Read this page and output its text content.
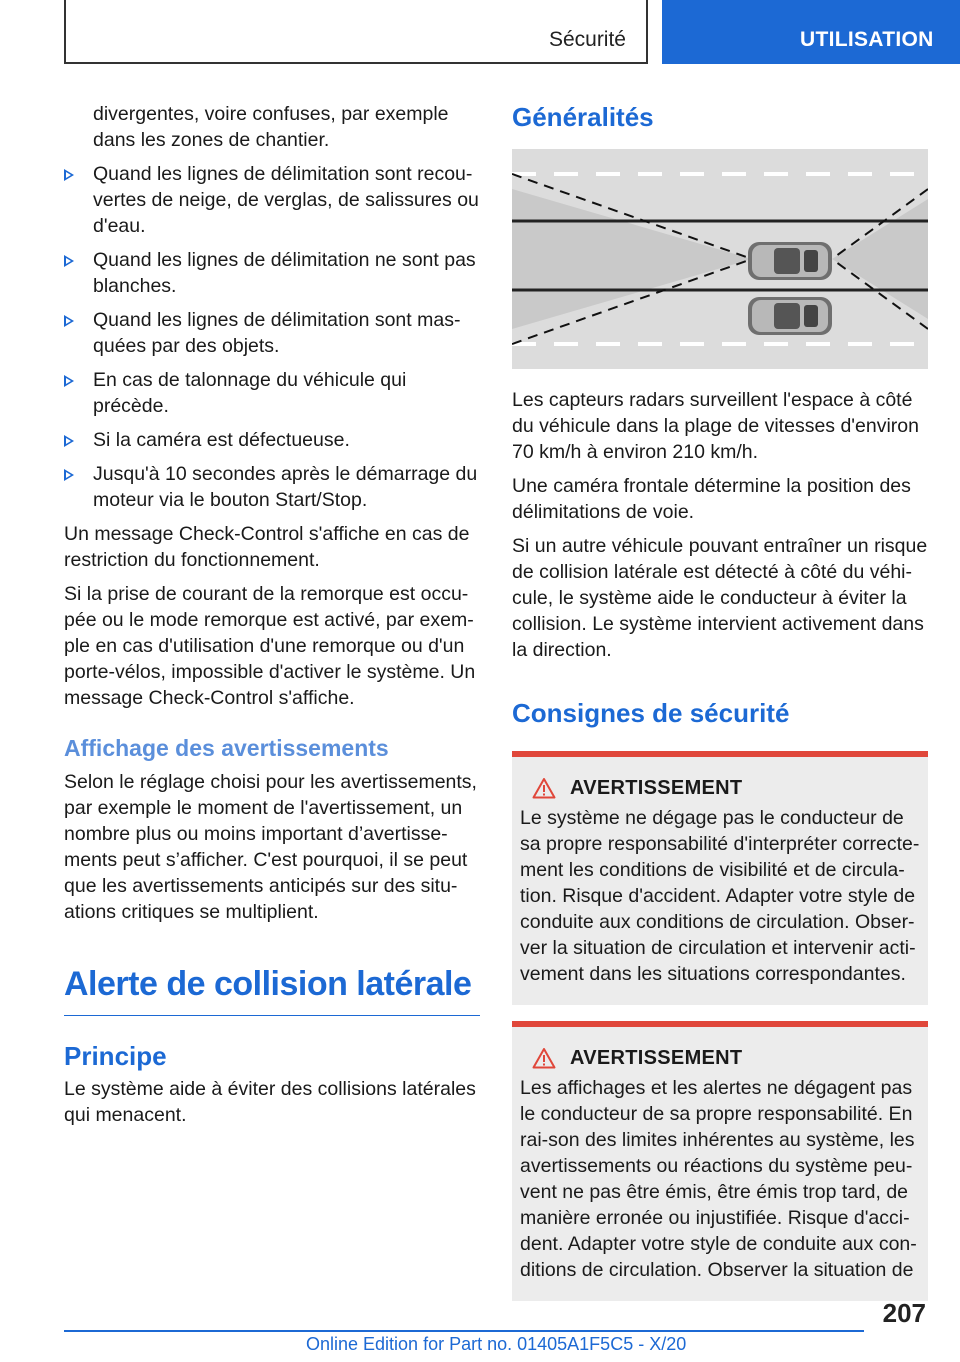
Sécurité	UTILISATION
divergentes, voire confuses, par exemple dans les zones de chantier.
Quand les lignes de délimitation sont recou-vertes de neige, de verglas, de salissures ou d'eau.
Quand les lignes de délimitation ne sont pas blanches.
Quand les lignes de délimitation sont mas-quées par des objets.
En cas de talonnage du véhicule qui précède.
Si la caméra est défectueuse.
Jusqu'à 10 secondes après le démarrage du moteur via le bouton Start/Stop.

Un message Check-Control s'affiche en cas de restriction du fonctionnement.

Si la prise de courant de la remorque est occu-pée ou le mode remorque est activé, par exem-ple en cas d'utilisation d'une remorque ou d'un porte-vélos, impossible d'activer le système. Un message Check-Control s'affiche.

Affichage des avertissements

Selon le réglage choisi pour les avertissements, par exemple le moment de l'avertissement, un nombre plus ou moins important d’avertisse-ments peut s’afficher. C'est pourquoi, il se peut que les avertissements anticipés sur des situ-ations critiques se multiplient.

Alerte de collision latérale
Principe

Le système aide à éviter des collisions latérales qui menacent.

Généralités

Les capteurs radars surveillent l'espace à côté du véhicule dans la plage de vitesses d'environ 70 km/h à environ 210 km/h.

Une caméra frontale détermine la position des délimitations de voie.

Si un autre véhicule pouvant entraîner un risque de collision latérale est détecté à côté du véhi-cule, le système aide le conducteur à éviter la collision. Le système intervient activement dans la direction.

Consignes de sécurité
AVERTISSEMENT

Le système ne dégage pas le conducteur de sa propre responsabilité d'interpréter correcte-ment les conditions de visibilité et de circula-tion. Risque d'accident. Adapter votre style de conduite aux conditions de circulation. Obser-ver la situation de circulation et intervenir acti-vement dans les situations correspondantes.

AVERTISSEMENT

Les affichages et les alertes ne dégagent pas le conducteur de sa propre responsabilité. En rai-son des limites inhérentes au système, les avertissements ou réactions du système peu-vent ne pas être émis, être émis trop tard, de manière erronée ou injustifiée. Risque d'acci-dent. Adapter votre style de conduite aux con-ditions de circulation. Observer la situation de

207
Online Edition for Part no. 01405A1F5C5 - X/20
